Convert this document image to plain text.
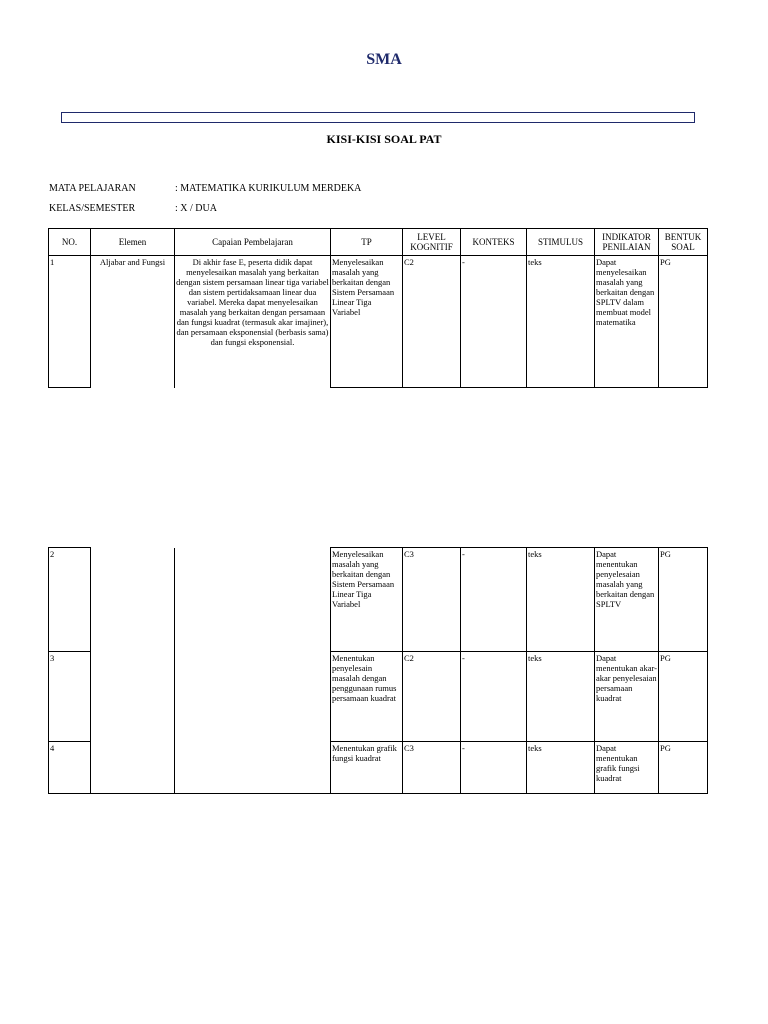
SMA
KISI-KISI SOAL PAT
MATA PELAJARAN	: MATEMATIKA KURIKULUM MERDEKA
KELAS/SEMESTER	: X / DUA
NO.	Elemen	Capaian Pembelajaran	TP	LEVEL KOGNITIF	KONTEKS	STIMULUS	INDIKATOR PENILAIAN	BENTUK SOAL
1	Aljabar and Fungsi	Di akhir fase E, peserta didik dapat menyelesaikan masalah yang berkaitan dengan sistem persamaan linear tiga variabel dan sistem pertidaksamaan linear dua variabel. Mereka dapat menyelesaikan masalah yang berkaitan dengan persamaan dan fungsi kuadrat (termasuk akar imajiner), dan persamaan eksponensial (berbasis sama) dan fungsi eksponensial.	Menyelesaikan masalah yang berkaitan dengan Sistem Persamaan Linear Tiga Variabel	C2	-	teks	Dapat menyelesaikan masalah yang berkaitan dengan SPLTV dalam membuat model matematika	PG
2			Menyelesaikan masalah yang berkaitan dengan Sistem Persamaan Linear Tiga Variabel	C3	-	teks	Dapat menentukan penyelesaian masalah yang berkaitan dengan SPLTV	PG
3			Menentukan penyelesain masalah dengan penggunaan rumus persamaan kuadrat	C2	-	teks	Dapat menentukan akar-akar penyelesaian persamaan kuadrat	PG
4			Menentukan grafik fungsi kuadrat	C3	-	teks	Dapat menentukan grafik fungsi kuadrat	PG
